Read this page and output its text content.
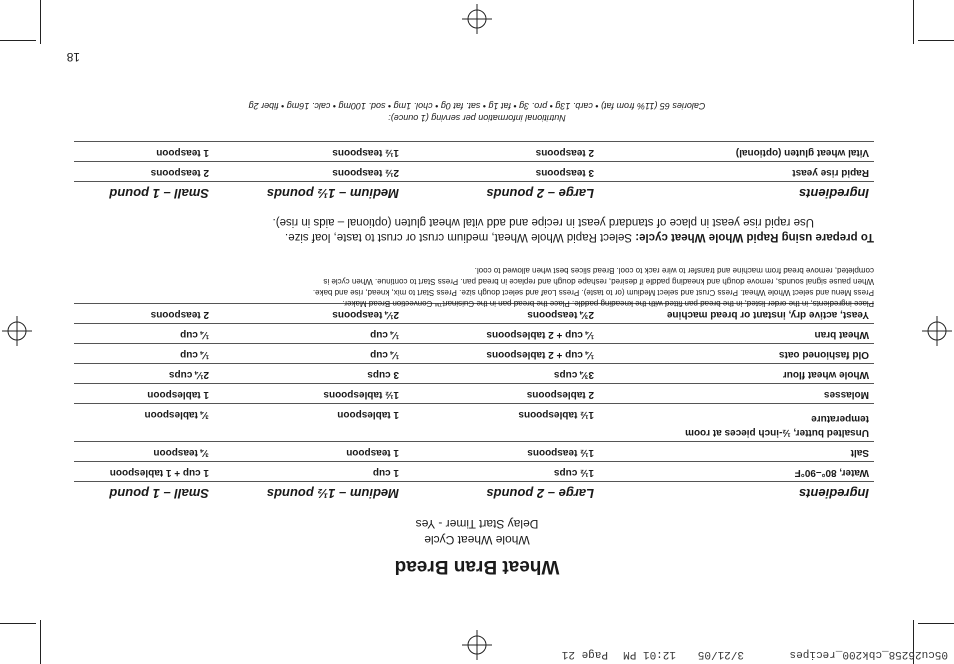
05cu26258_cbk200_recipes
3/21/05
12:01 PM
Page 21
Wheat Bran Bread
Whole Wheat Cycle
Delay Start Timer - Yes
Ingredients
Large – 2 pounds
Medium – 1½ pounds
Small – 1 pound
Water, 80°–90°F
1½ cups
1 cup
1 cup + 1 tablespoon
Salt
1½ teaspoons
1 teaspoon
¾ teaspoon
Unsalted butter, ½-inch pieces at room temperature
1½ tablespoons
1 tablespoon
¾ tablespoon
Molasses
2 tablespoons
1½ tablespoons
1 tablespoon
Whole wheat flour
3¾ cups
3 cups
2¼ cups
Old fashioned oats
¼ cup + 2 tablespoons
¼ cup
¼ cup
Wheat bran
¼ cup + 2 tablespoons
¼ cup
¼ cup
Yeast, active dry, instant or bread machine
2¾ teaspoons
2¼ teaspoons
2 teaspoons
Place ingredients, in the order listed, in the bread pan fitted with the kneading paddle. Place the bread pan in the Cuisinart™ Convection Bread Maker.
Press Menu and select Whole Wheat. Press Crust and select Medium (or to taste). Press Loaf and select dough size. Press Start to mix, knead, rise and bake.
When pause signal sounds, remove dough and kneading paddle if desired, reshape dough and replace in bread pan. Press Start to continue. When cycle is
completed, remove bread from machine and transfer to wire rack to cool. Bread slices best when allowed to cool.
To prepare using Rapid Whole Wheat cycle: Select Rapid Whole Wheat, medium crust or crust to taste, loaf size.
Use rapid rise yeast in place of standard yeast in recipe and add vital wheat gluten (optional – aids in rise).
Ingredients
Large – 2 pounds
Medium – 1½ pounds
Small – 1 pound
Rapid rise yeast
3 teaspoons
2½ teaspoons
2 teaspoons
Vital wheat gluten (optional)
2 teaspoons
1½ teaspoons
1 teaspoon
Nutritional information per serving (1 ounce):
Calories 65 (11% from fat) • carb. 13g • pro. 3g • fat 1g • sat. fat 0g • chol. 1mg • sod. 100mg • calc. 16mg • fiber 2g
18
